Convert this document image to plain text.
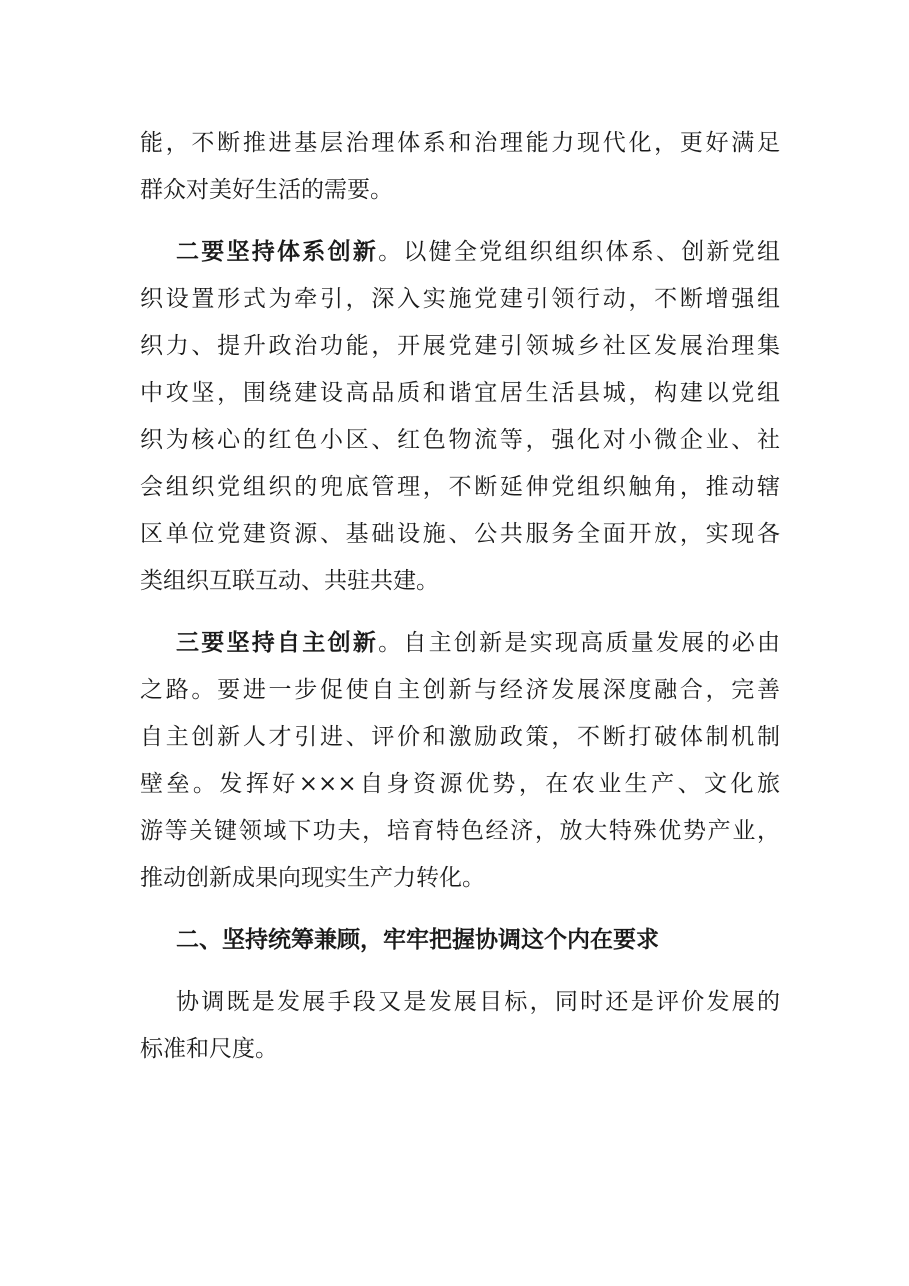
能，不断推进基层治理体系和治理能力现代化，更好满足
群众对美好生活的需要。
二要坚持体系创新。以健全党组织组织体系、创新党组
织设置形式为牵引，深入实施党建引领行动，不断增强组
织力、提升政治功能，开展党建引领城乡社区发展治理集
中攻坚，围绕建设高品质和谐宜居生活县城，构建以党组
织为核心的红色小区、红色物流等，强化对小微企业、社
会组织党组织的兜底管理，不断延伸党组织触角，推动辖
区单位党建资源、基础设施、公共服务全面开放，实现各
类组织互联互动、共驻共建。
三要坚持自主创新。自主创新是实现高质量发展的必由
之路。要进一步促使自主创新与经济发展深度融合，完善
自主创新人才引进、评价和激励政策，不断打破体制机制
壁垒。发挥好×××自身资源优势，在农业生产、文化旅
游等关键领域下功夫，培育特色经济，放大特殊优势产业，
推动创新成果向现实生产力转化。
二、坚持统筹兼顾，牢牢把握协调这个内在要求
协调既是发展手段又是发展目标，同时还是评价发展的
标准和尺度。
